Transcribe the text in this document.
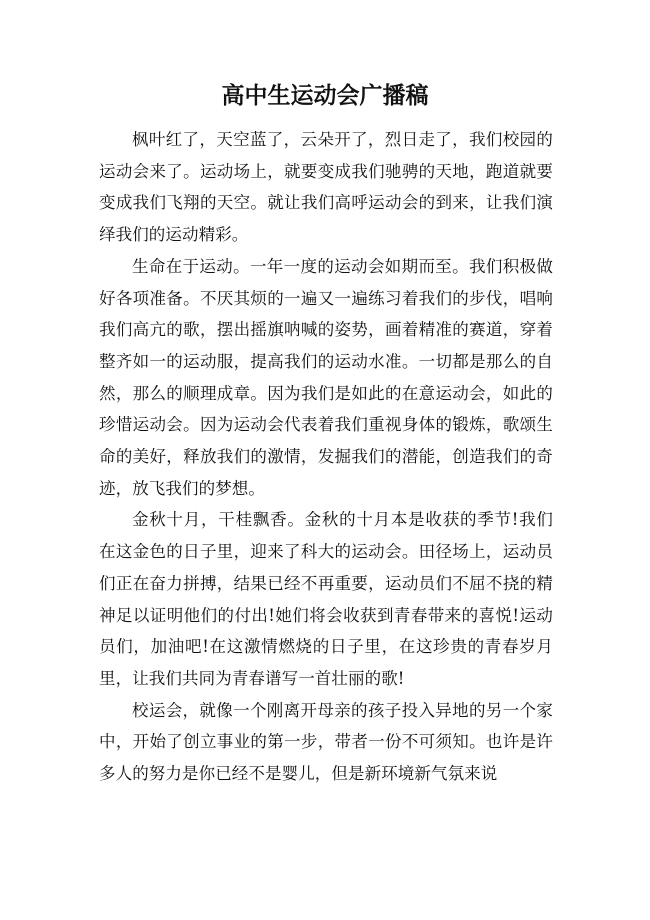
高中生运动会广播稿

枫叶红了，天空蓝了，云朵开了，烈日走了，我们校园的运动会来了。运动场上，就要变成我们驰骋的天地，跑道就要变成我们飞翔的天空。就让我们高呼运动会的到来，让我们演绎我们的运动精彩。

生命在于运动。一年一度的运动会如期而至。我们积极做好各项准备。不厌其烦的一遍又一遍练习着我们的步伐，唱响我们高亢的歌，摆出摇旗呐喊的姿势，画着精准的赛道，穿着整齐如一的运动服，提高我们的运动水准。一切都是那么的自然，那么的顺理成章。因为我们是如此的在意运动会，如此的珍惜运动会。因为运动会代表着我们重视身体的锻炼，歌颂生命的美好，释放我们的激情，发掘我们的潜能，创造我们的奇迹，放飞我们的梦想。

金秋十月，干桂飘香。金秋的十月本是收获的季节!我们在这金色的日子里，迎来了科大的运动会。田径场上，运动员们正在奋力拼搏，结果已经不再重要，运动员们不屈不挠的精神足以证明他们的付出!她们将会收获到青春带来的喜悦!运动员们，加油吧!在这激情燃烧的日子里，在这珍贵的青春岁月里，让我们共同为青春谱写一首壮丽的歌!

校运会，就像一个刚离开母亲的孩子投入异地的另一个家中，开始了创立事业的第一步，带者一份不可须知。也许是许多人的努力是你已经不是婴儿，但是新环境新气氛来说
